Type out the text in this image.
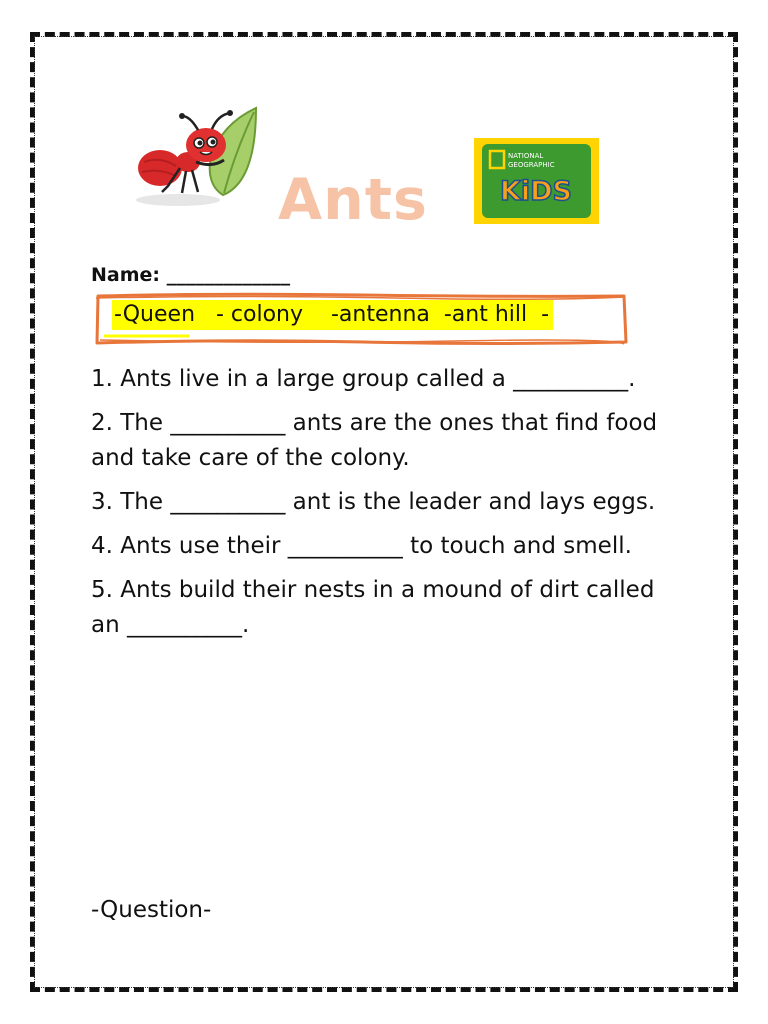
Ants
NATIONAL
GEOGRAPHIC
KiDS
Name: _____________
-Queen   - colony    -antenna  -ant hill  -
1. Ants live in a large group called a __________.
2. The __________ ants are the ones that find food and take care of the colony.
3. The __________ ant is the leader and lays eggs.
4. Ants use their __________ to touch and smell.
5. Ants build their nests in a mound of dirt called an __________.
-Question-
